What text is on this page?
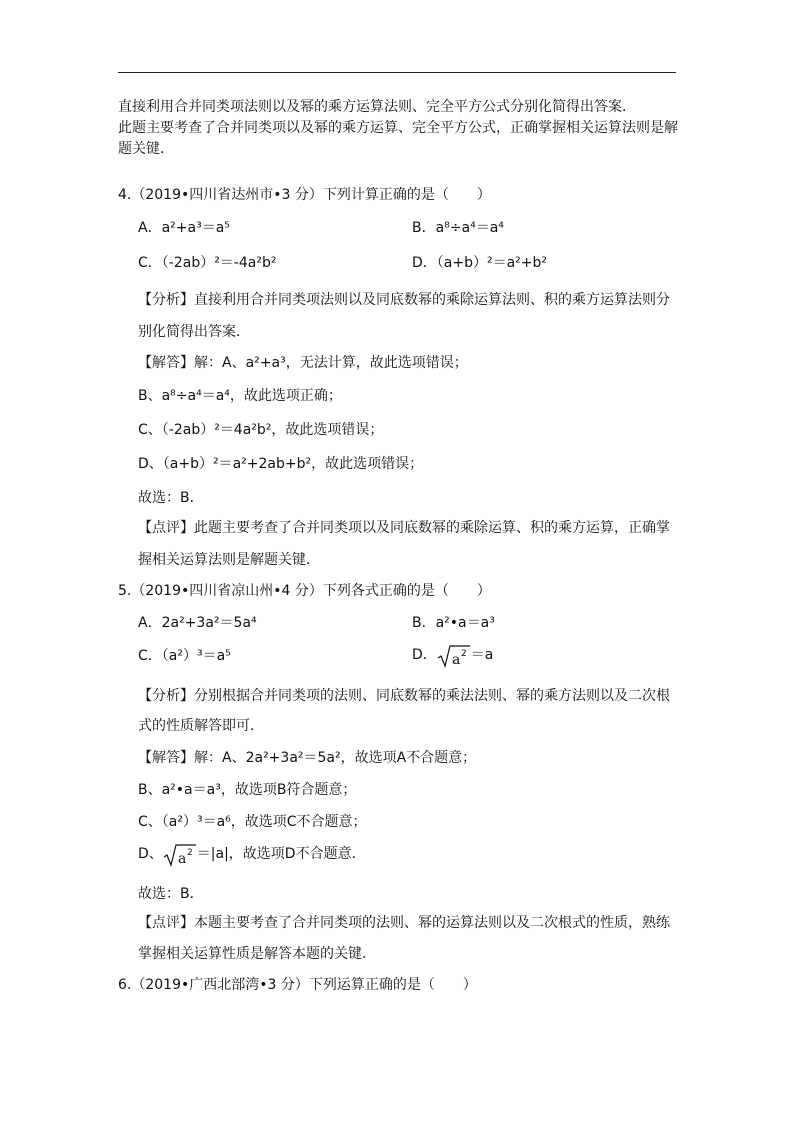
直接利用合并同类项法则以及幂的乘方运算法则、完全平方公式分别化简得出答案．
此题主要考查了合并同类项以及幂的乘方运算、完全平方公式，正确掌握相关运算法则是解
题关键．
4.（2019•四川省达州市•3 分）下列计算正确的是（　　）
A．a²+a³＝a⁵	B．a⁸÷a⁴＝a⁴
C．（-2ab）²＝-4a²b²	D．（a+b）²＝a²+b²
【分析】直接利用合并同类项法则以及同底数幂的乘除运算法则、积的乘方运算法则分
别化简得出答案．
【解答】解：A、a²+a³，无法计算，故此选项错误；
B、a⁸÷a⁴＝a⁴，故此选项正确；
C、（-2ab）²＝4a²b²，故此选项错误；
D、（a+b）²＝a²+2ab+b²，故此选项错误；
故选：B．
【点评】此题主要考查了合并同类项以及同底数幂的乘除运算、积的乘方运算，正确掌
握相关运算法则是解题关键．
5.（2019•四川省凉山州•4 分）下列各式正确的是（　　）
A．2a²+3a²＝5a⁴	B．a²•a＝a³
C．（a²）³＝a⁵	D． a 2 ＝a
【分析】分别根据合并同类项的法则、同底数幂的乘法法则、幂的乘方法则以及二次根
式的性质解答即可．
【解答】解：A、2a²+3a²＝5a²，故选项A不合题意；
B、a²•a＝a³，故选项B符合题意；
C、（a²）³＝a⁶，故选项C不合题意；
D、 a 2 ＝|a|，故选项D不合题意．
故选：B．
【点评】本题主要考查了合并同类项的法则、幂的运算法则以及二次根式的性质，熟练
掌握相关运算性质是解答本题的关键．
6.（2019•广西北部湾•3 分）下列运算正确的是（　　）
